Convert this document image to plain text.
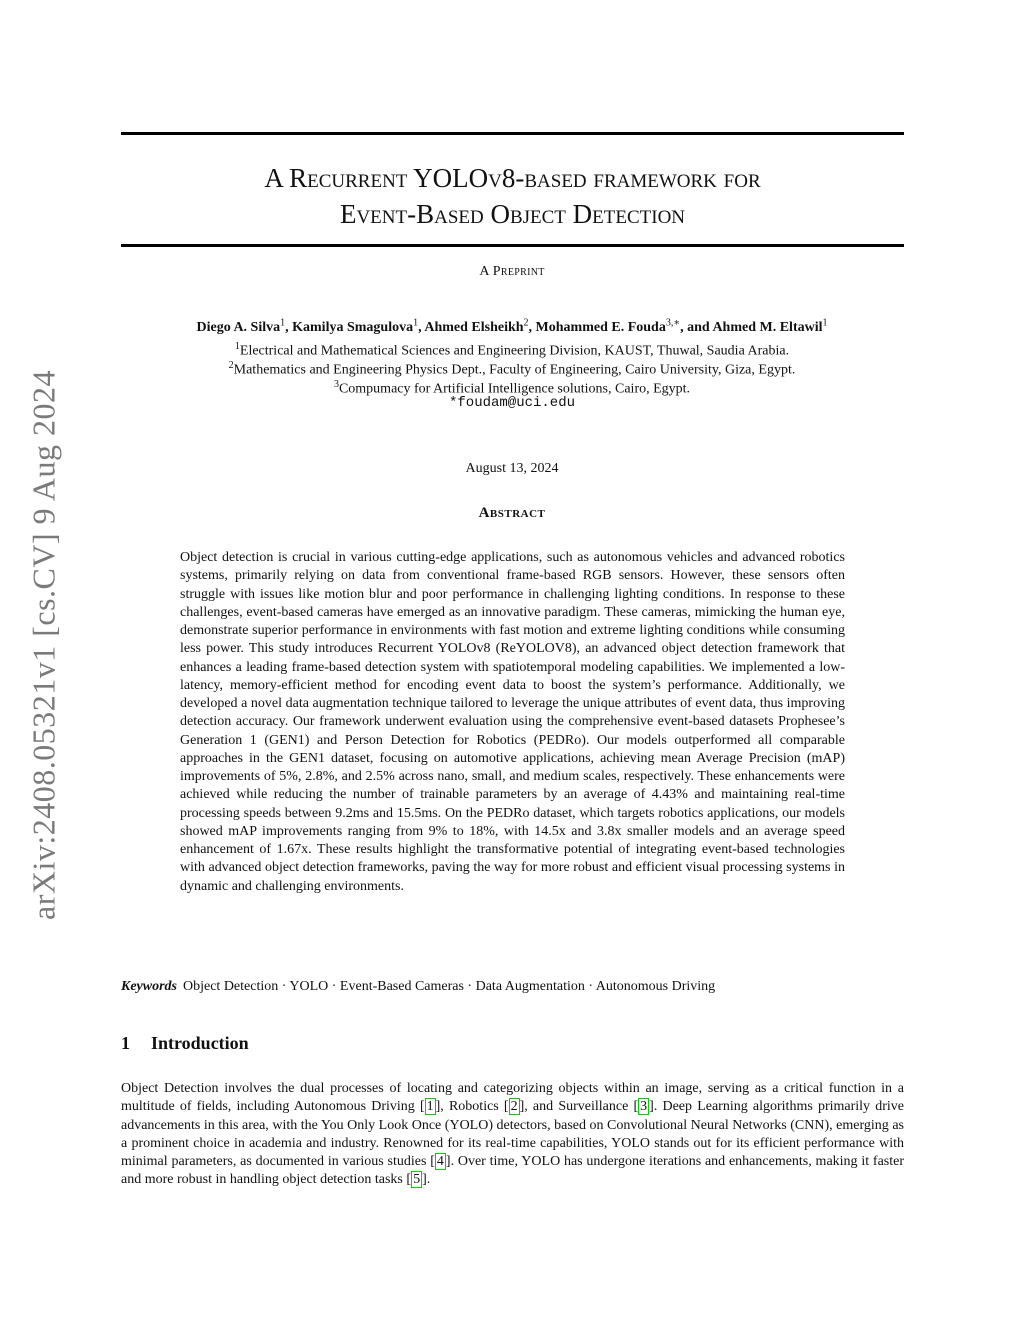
arXiv:2408.05321v1 [cs.CV] 9 Aug 2024
A Recurrent YOLOv8-based framework for
Event-Based Object Detection
A Preprint
Diego A. Silva$^1$, Kamilya Smagulova$^1$, Ahmed Elsheikh$^2$, Mohammed E. Fouda$^{3,∗}$, and Ahmed M. Eltawil$^1$
$^1$Electrical and Mathematical Sciences and Engineering Division, KAUST, Thuwal, Saudia Arabia.
$^2$Mathematics and Engineering Physics Dept., Faculty of Engineering, Cairo University, Giza, Egypt.
$^3$Compumacy for Artificial Intelligence solutions, Cairo, Egypt.
*foudam@uci.edu
August 13, 2024
Abstract
Object detection is crucial in various cutting-edge applications, such as autonomous vehicles and advanced robotics systems, primarily relying on data from conventional frame-based RGB sensors. However, these sensors often struggle with issues like motion blur and poor performance in challenging lighting conditions. In response to these challenges, event-based cameras have emerged as an innovative paradigm. These cameras, mimicking the human eye, demonstrate superior performance in environments with fast motion and extreme lighting conditions while consuming less power. This study introduces Recurrent YOLOv8 (ReYOLOV8), an advanced object detection framework that enhances a leading frame-based detection system with spatiotemporal modeling capabilities. We implemented a low-latency, memory-efficient method for encoding event data to boost the system’s performance. Additionally, we developed a novel data augmentation technique tailored to leverage the unique attributes of event data, thus improving detection accuracy. Our framework underwent evaluation using the comprehensive event-based datasets Prophesee’s Generation 1 (GEN1) and Person Detection for Robotics (PEDRo). Our models outperformed all comparable approaches in the GEN1 dataset, focusing on automotive applications, achieving mean Average Precision (mAP) improvements of 5%, 2.8%, and 2.5% across nano, small, and medium scales, respectively. These enhancements were achieved while reducing the number of trainable parameters by an average of 4.43% and maintaining real-time processing speeds between 9.2ms and 15.5ms. On the PEDRo dataset, which targets robotics applications, our models showed mAP improvements ranging from 9% to 18%, with 14.5x and 3.8x smaller models and an average speed enhancement of 1.67x. These results highlight the transformative potential of integrating event-based technologies with advanced object detection frameworks, paving the way for more robust and efficient visual processing systems in dynamic and challenging environments.
Keywords Object Detection · YOLO · Event-Based Cameras · Data Augmentation · Autonomous Driving
1 Introduction
Object Detection involves the dual processes of locating and categorizing objects within an image, serving as a critical function in a multitude of fields, including Autonomous Driving [ 1 ], Robotics [ 2 ], and Surveillance [ 3 ]. Deep Learning algorithms primarily drive advancements in this area, with the You Only Look Once (YOLO) detectors, based on Convolutional Neural Networks (CNN), emerging as a prominent choice in academia and industry. Renowned for its real-time capabilities, YOLO stands out for its efficient performance with minimal parameters, as documented in various studies [ 4 ]. Over time, YOLO has undergone iterations and enhancements, making it faster and more robust in handling object detection tasks [ 5 ].
